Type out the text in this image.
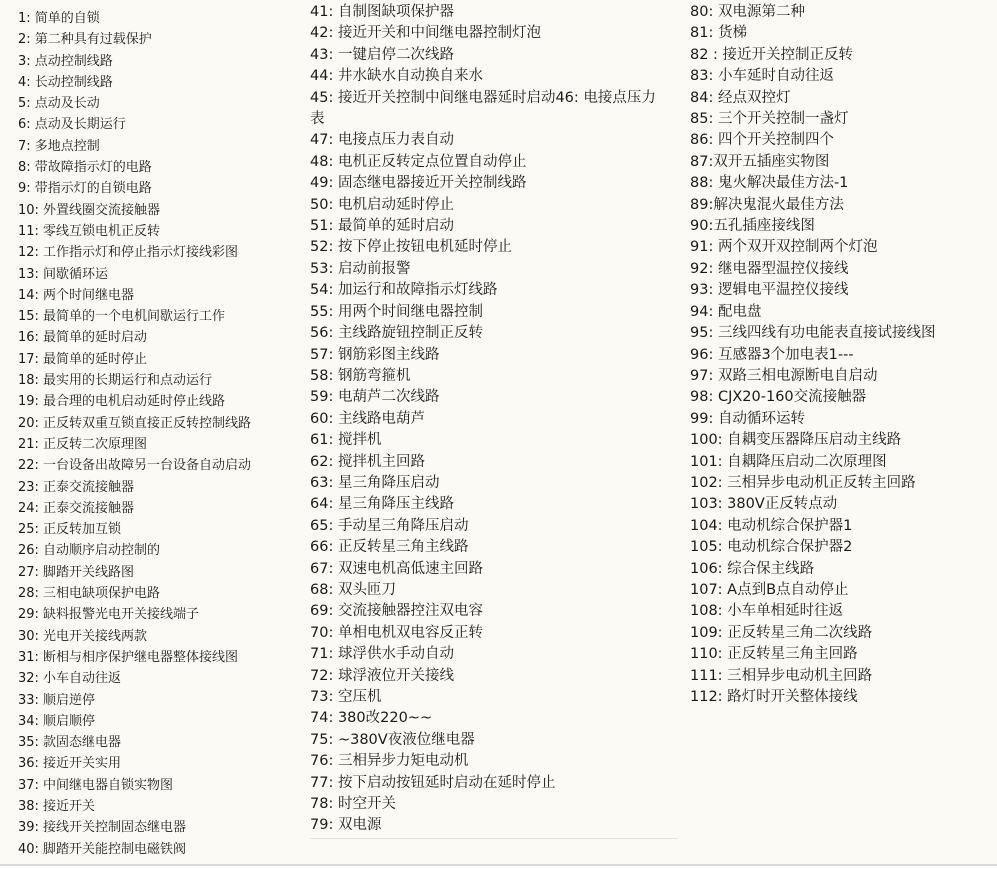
1: 简单的自锁
2: 第二种具有过载保护
3: 点动控制线路
4: 长动控制线路
5: 点动及长动
6: 点动及长期运行
7: 多地点控制
8: 带故障指示灯的电路
9: 带指示灯的自锁电路
10: 外置线圈交流接触器
11: 零线互锁电机正反转
12: 工作指示灯和停止指示灯接线彩图
13: 间歇循环运
14: 两个时间继电器
15: 最简单的一个电机间歇运行工作
16: 最简单的延时启动
17: 最简单的延时停止
18: 最实用的长期运行和点动运行
19: 最合理的电机启动延时停止线路
20: 正反转双重互锁直接正反转控制线路
21: 正反转二次原理图
22: 一台设备出故障另一台设备自动启动
23: 正泰交流接触器
24: 正泰交流接触器
25: 正反转加互锁
26: 自动顺序启动控制的
27: 脚踏开关线路图
28: 三相电缺项保护电路
29: 缺料报警光电开关接线端子
30: 光电开关接线两款
31: 断相与相序保护继电器整体接线图
32: 小车自动往返
33: 顺启逆停
34: 顺启顺停
35: 款固态继电器
36: 接近开关实用
37: 中间继电器自锁实物图
38: 接近开关
39: 接线开关控制固态继电器
40: 脚踏开关能控制电磁铁阀
41: 自制图缺项保护器
42: 接近开关和中间继电器控制灯泡
43: 一键启停二次线路
44: 井水缺水自动换自来水
45: 接近开关控制中间继电器延时启动46: 电接点压力表
47: 电接点压力表自动
48: 电机正反转定点位置自动停止
49: 固态继电器接近开关控制线路
50: 电机启动延时停止
51: 最简单的延时启动
52: 按下停止按钮电机延时停止
53: 启动前报警
54: 加运行和故障指示灯线路
55: 用两个时间继电器控制
56: 主线路旋钮控制正反转
57: 钢筋彩图主线路
58: 钢筋弯箍机
59: 电葫芦二次线路
60: 主线路电葫芦
61: 搅拌机
62: 搅拌机主回路
63: 星三角降压启动
64: 星三角降压主线路
65: 手动星三角降压启动
66: 正反转星三角主线路
67: 双速电机高低速主回路
68: 双头匝刀
69: 交流接触器控注双电容
70: 单相电机双电容反正转
71: 球浮供水手动自动
72: 球浮液位开关接线
73: 空压机
74: 380改220~~
75: ~380V夜液位继电器
76: 三相异步力矩电动机
77: 按下启动按钮延时启动在延时停止
78: 时空开关
79: 双电源
80: 双电源第二种
81: 货梯
82 : 接近开关控制正反转
83: 小车延时自动往返
84: 经点双控灯
85: 三个开关控制一盏灯
86: 四个开关控制四个
87:双开五插座实物图
88: 鬼火解决最佳方法-1
89:解决鬼混火最佳方法
90:五孔插座接线图
91: 两个双开双控制两个灯泡
92: 继电器型温控仪接线
93: 逻辑电平温控仪接线
94: 配电盘
95: 三线四线有功电能表直接试接线图
96: 互感器3个加电表1---
97: 双路三相电源断电自启动
98: CJX20-160交流接触器
99: 自动循环运转
100: 自耦变压器降压启动主线路
101: 自耦降压启动二次原理图
102: 三相异步电动机正反转主回路
103: 380V正反转点动
104: 电动机综合保护器1
105: 电动机综合保护器2
106: 综合保主线路
107: A点到B点自动停止
108: 小车单相延时往返
109: 正反转星三角二次线路
110: 正反转星三角主回路
111: 三相异步电动机主回路
112: 路灯时开关整体接线
